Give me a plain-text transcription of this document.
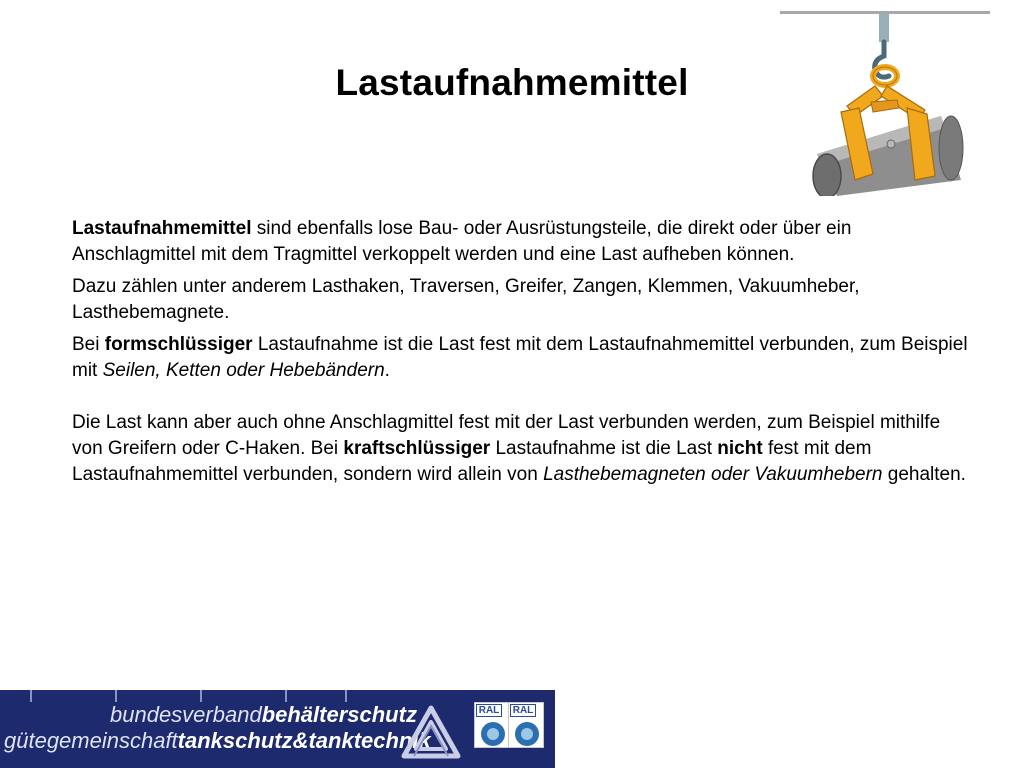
Lastaufnahmemittel

Lastaufnahmemittel sind ebenfalls lose Bau- oder Ausrüstungsteile, die direkt oder über ein Anschlagmittel mit dem Tragmittel verkoppelt werden und eine Last aufheben können.

Dazu zählen unter anderem Lasthaken, Traversen, Greifer, Zangen, Klemmen, Vakuumheber, Lasthebemagnete.

Bei formschlüssiger Lastaufnahme ist die Last fest mit dem Lastaufnahmemittel verbunden, zum Beispiel mit Seilen, Ketten oder Hebebändern.

Die Last kann aber auch ohne Anschlagmittel fest mit der Last verbunden werden, zum Beispiel mithilfe von Greifern oder C-Haken. Bei kraftschlüssiger Lastaufnahme ist die Last nicht fest mit dem Lastaufnahmemittel verbunden, sondern wird allein von Lasthebemagneten oder Vakuumhebern gehalten.

bundesverbandbehälterschutz
gütegemeinschafttankschutz&tanktechnik
RAL RAL
